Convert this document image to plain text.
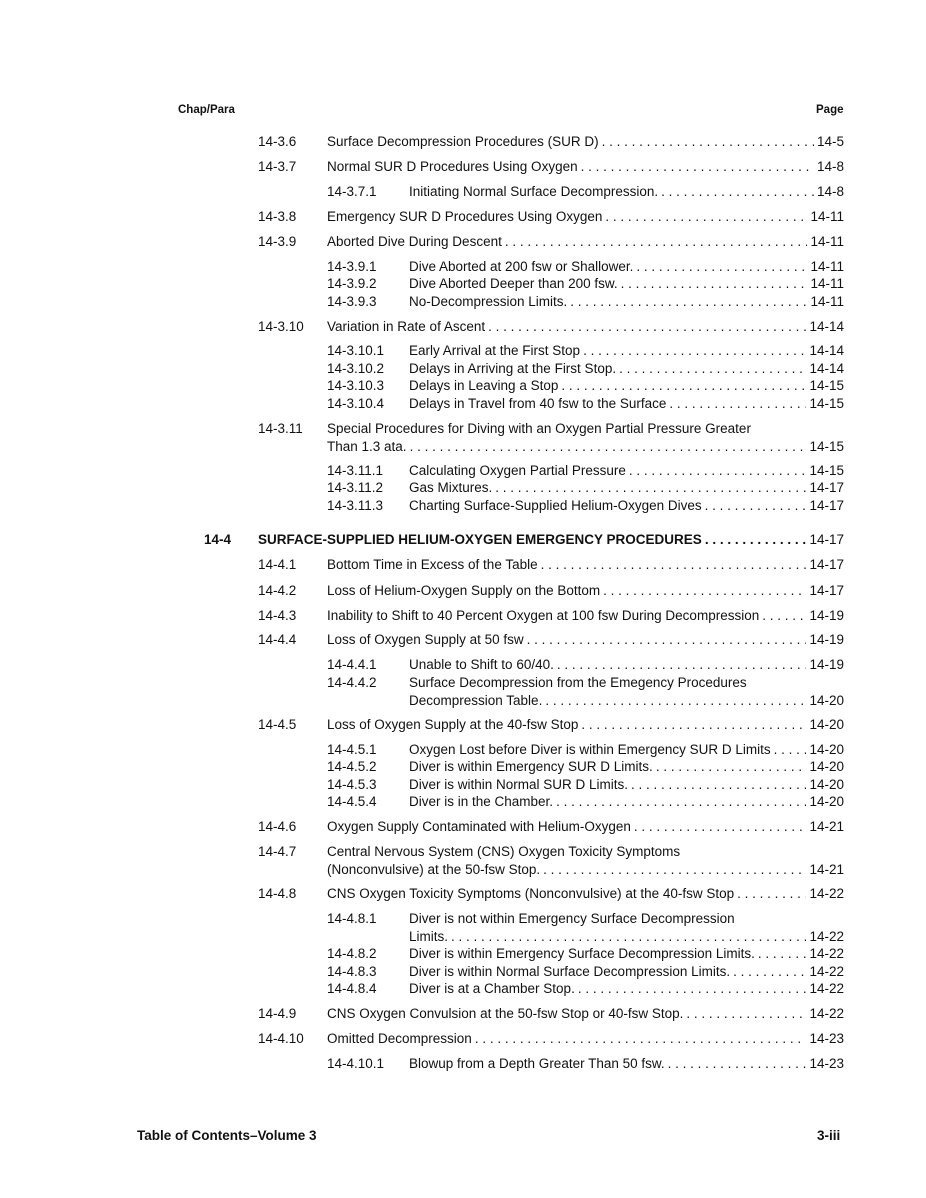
Chap/Para	Page
14-3.6 Surface Decompression Procedures (SUR D) . . .	14-5
14-3.7 Normal SUR D Procedures Using Oxygen . . .	14-8
14-3.7.1 Initiating Normal Surface Decompression. . . .	14-8
14-3.8 Emergency SUR D Procedures Using Oxygen . . .	14-11
14-3.9 Aborted Dive During Descent . . .	14-11
14-3.9.1 Dive Aborted at 200 fsw or Shallower. . . .	14-11
14-3.9.2 Dive Aborted Deeper than 200 fsw. . . .	14-11
14-3.9.3 No-Decompression Limits. . . .	14-11
14-3.10 Variation in Rate of Ascent . . .	14-14
14-3.10.1 Early Arrival at the First Stop . . .	14-14
14-3.10.2 Delays in Arriving at the First Stop. . . .	14-14
14-3.10.3 Delays in Leaving a Stop . . .	14-15
14-3.10.4 Delays in Travel from 40 fsw to the Surface . . .	14-15
14-3.11 Special Procedures for Diving with an Oxygen Partial Pressure Greater
Than 1.3 ata. . . .	14-15
14-3.11.1 Calculating Oxygen Partial Pressure . . .	14-15
14-3.11.2 Gas Mixtures. . . .	14-17
14-3.11.3 Charting Surface-Supplied Helium-Oxygen Dives . . .	14-17
14-4 SURFACE-SUPPLIED HELIUM-OXYGEN EMERGENCY PROCEDURES . . .	14-17
14-4.1 Bottom Time in Excess of the Table . . .	14-17
14-4.2 Loss of Helium-Oxygen Supply on the Bottom . . .	14-17
14-4.3 Inability to Shift to 40 Percent Oxygen at 100 fsw During Decompression . . .	14-19
14-4.4 Loss of Oxygen Supply at 50 fsw . . .	14-19
14-4.4.1 Unable to Shift to 60/40. . . .	14-19
14-4.4.2 Surface Decompression from the Emegency Procedures
Decompression Table. . . .	14-20
14-4.5 Loss of Oxygen Supply at the 40-fsw Stop . . .	14-20
14-4.5.1 Oxygen Lost before Diver is within Emergency SUR D Limits . . .	14-20
14-4.5.2 Diver is within Emergency SUR D Limits. . . .	14-20
14-4.5.3 Diver is within Normal SUR D Limits. . . .	14-20
14-4.5.4 Diver is in the Chamber. . . .	14-20
14-4.6 Oxygen Supply Contaminated with Helium-Oxygen . . .	14-21
14-4.7 Central Nervous System (CNS) Oxygen Toxicity Symptoms
(Nonconvulsive) at the 50-fsw Stop. . . .	14-21
14-4.8 CNS Oxygen Toxicity Symptoms (Nonconvulsive) at the 40-fsw Stop . . .	14-22
14-4.8.1 Diver is not within Emergency Surface Decompression
Limits. . . .	14-22
14-4.8.2 Diver is within Emergency Surface Decompression Limits. . . .	14-22
14-4.8.3 Diver is within Normal Surface Decompression Limits. . . .	14-22
14-4.8.4 Diver is at a Chamber Stop. . . .	14-22
14-4.9 CNS Oxygen Convulsion at the 50-fsw Stop or 40-fsw Stop. . . .	14-22
14-4.10 Omitted Decompression . . .	14-23
14-4.10.1 Blowup from a Depth Greater Than 50 fsw. . . .	14-23
Table of Contents–Volume 3	3-iii
